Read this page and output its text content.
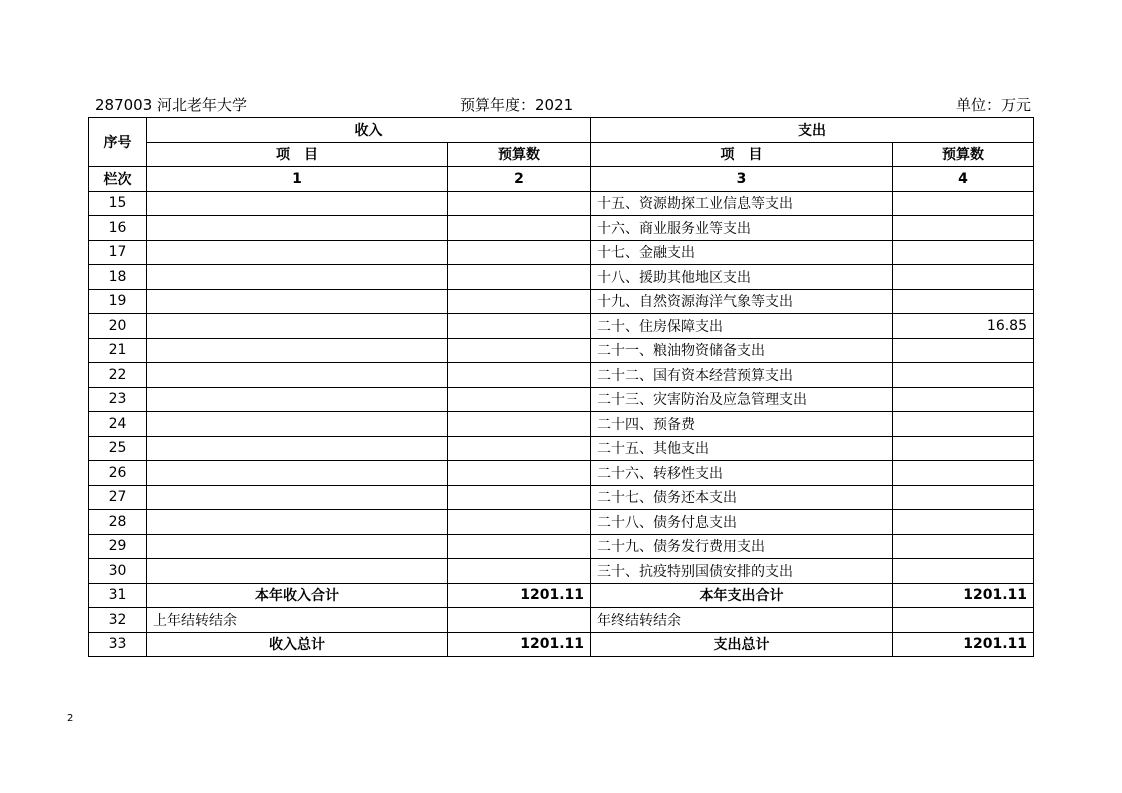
287003 河北老年大学	预算年度：2021	单位：万元
序号	收入		支出	
	项　目	预算数	项　目	预算数
栏次	1	2	3	4
15			十五、资源勘探工业信息等支出	
16			十六、商业服务业等支出	
17			十七、金融支出	
18			十八、援助其他地区支出	
19			十九、自然资源海洋气象等支出	
20			二十、住房保障支出	16.85
21			二十一、粮油物资储备支出	
22			二十二、国有资本经营预算支出	
23			二十三、灾害防治及应急管理支出	
24			二十四、预备费	
25			二十五、其他支出	
26			二十六、转移性支出	
27			二十七、债务还本支出	
28			二十八、债务付息支出	
29			二十九、债务发行费用支出	
30			三十、抗疫特别国债安排的支出	
31	本年收入合计	1201.11	本年支出合计	1201.11
32	上年结转结余		年终结转结余	
33	收入总计	1201.11	支出总计	1201.11
2
